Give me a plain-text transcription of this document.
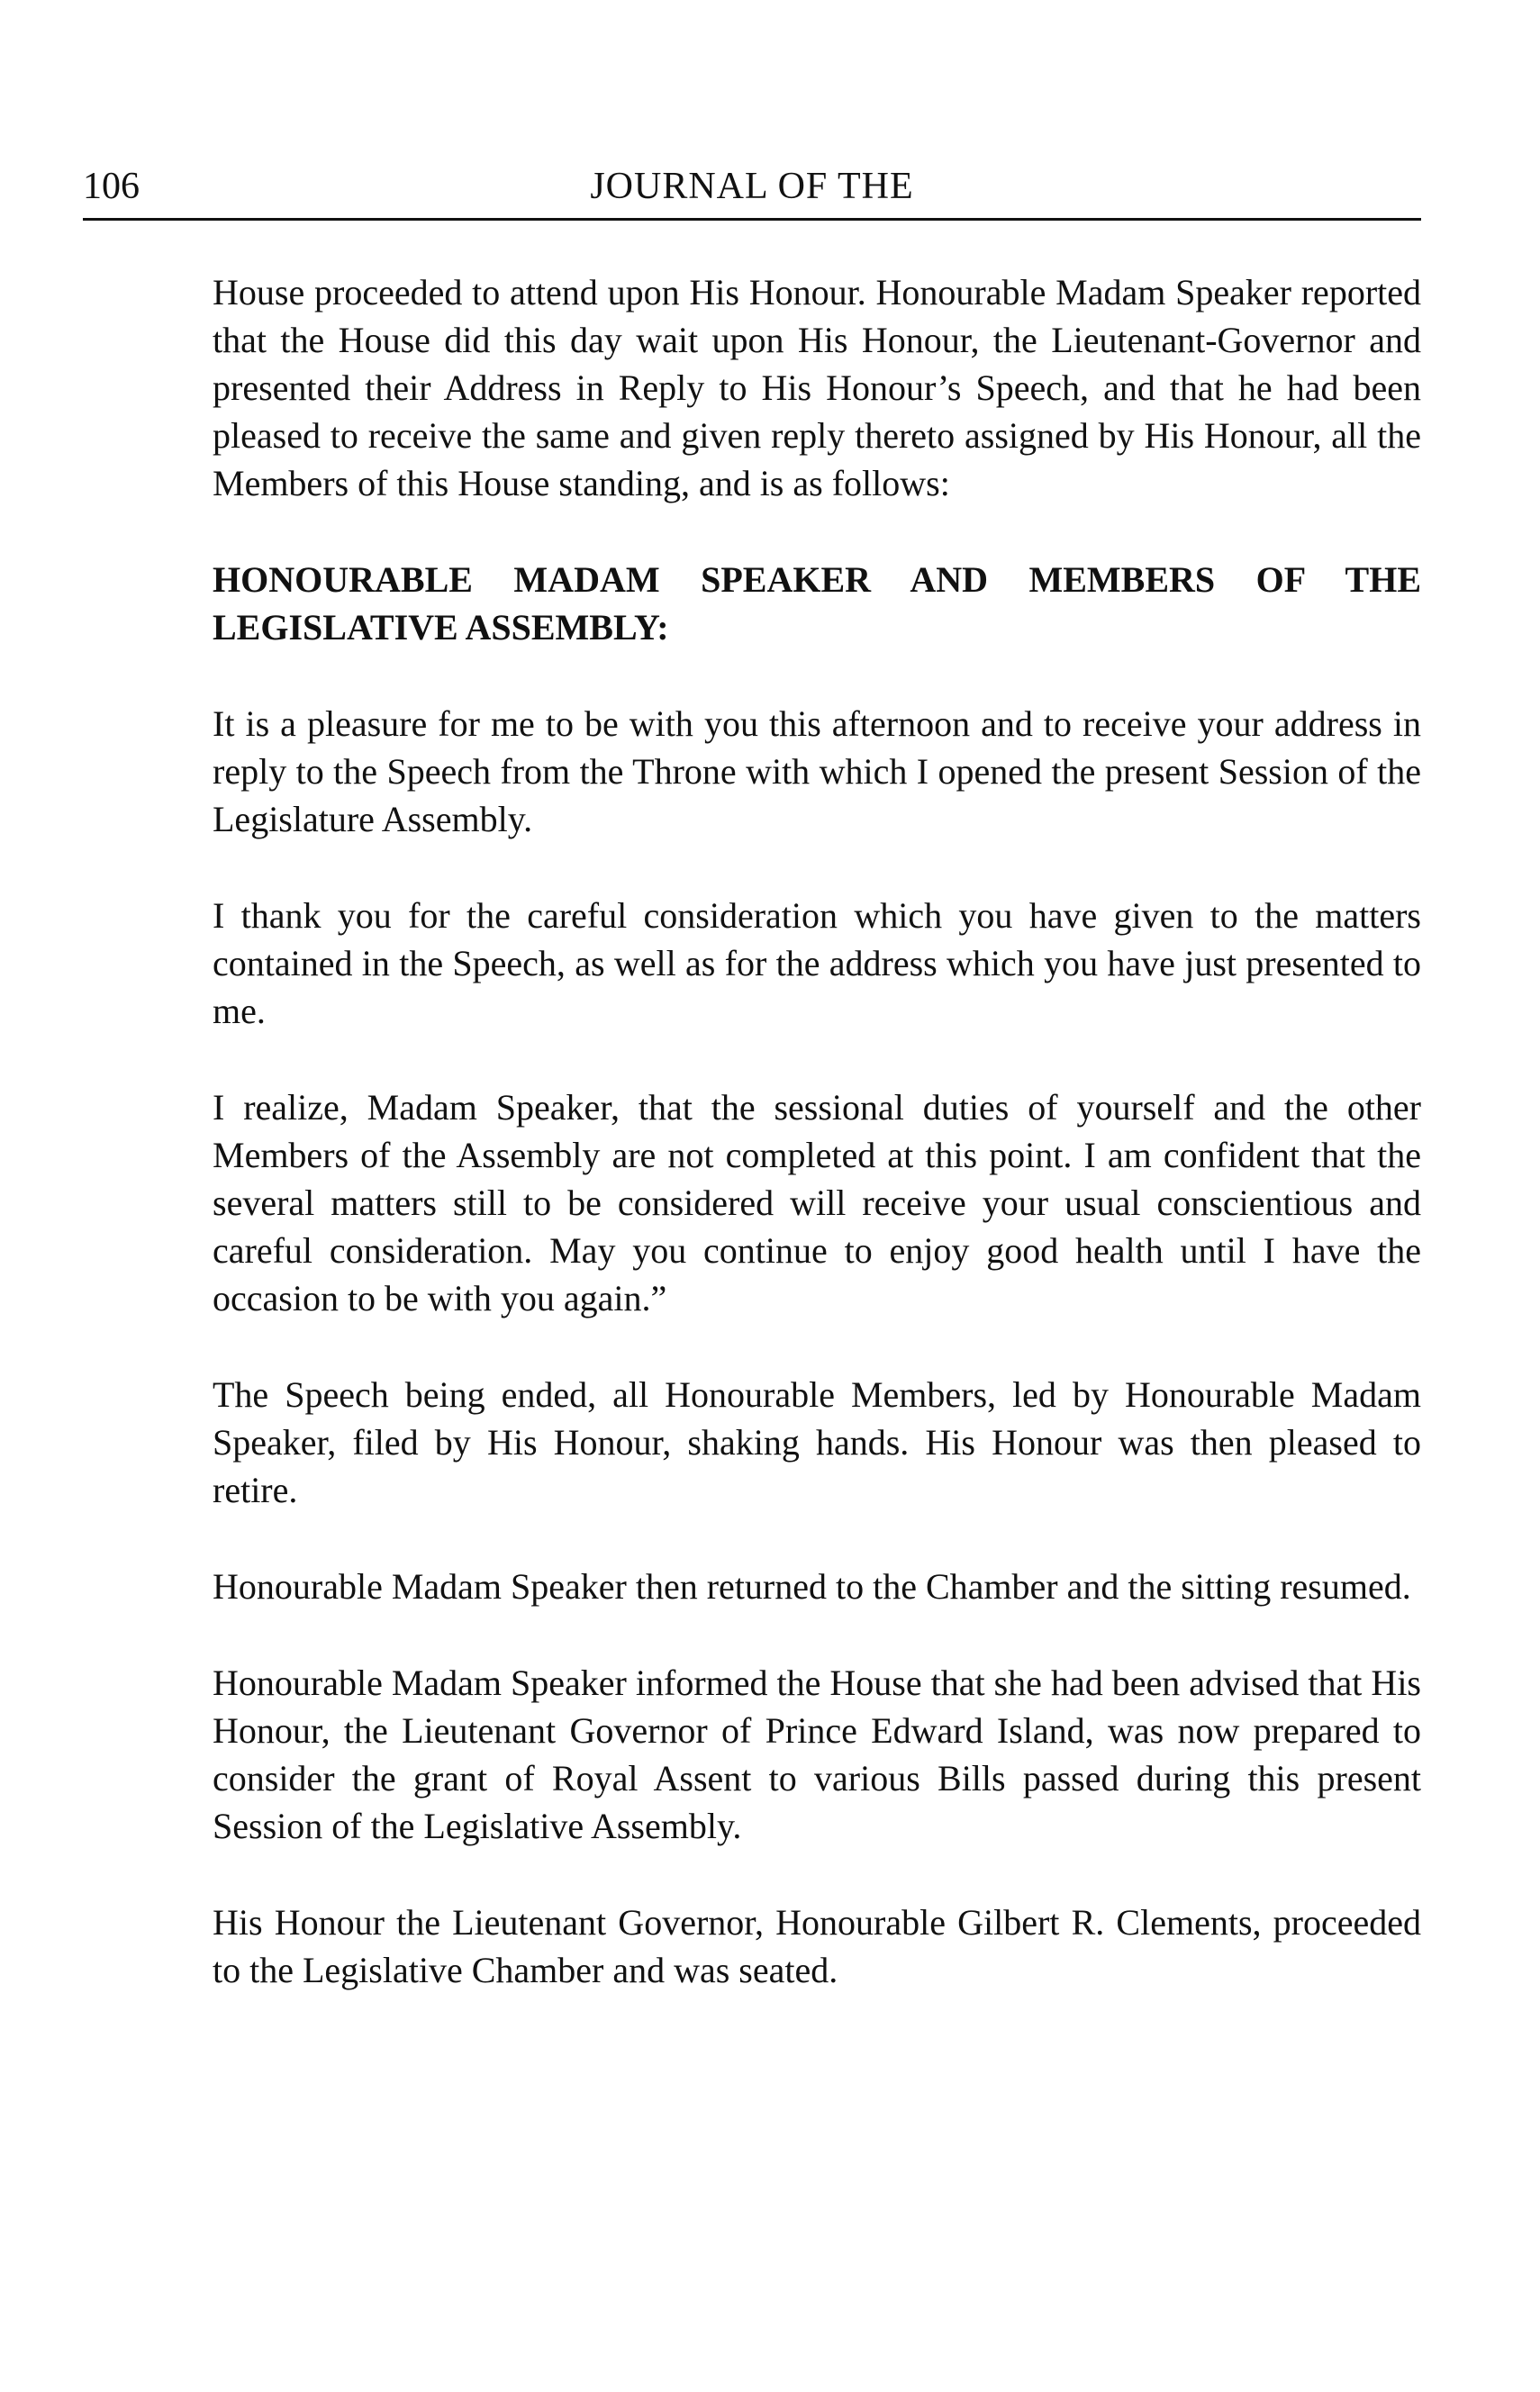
106	JOURNAL OF THE

House proceeded to attend upon His Honour. Honourable Madam Speaker reported that the House did this day wait upon His Honour, the Lieutenant-Governor and presented their Address in Reply to His Honour’s Speech, and that he had been pleased to receive the same and given reply thereto assigned by His Honour, all the Members of this House standing, and is as follows:

HONOURABLE MADAM SPEAKER AND MEMBERS OF THE LEGISLATIVE ASSEMBLY:

It is a pleasure for me to be with you this afternoon and to receive your address in reply to the Speech from the Throne with which I opened the present Session of the Legislature Assembly.

I thank you for the careful consideration which you have given to the matters contained in the Speech, as well as for the address which you have just presented to me.

I realize, Madam Speaker, that the sessional duties of yourself and the other Members of the Assembly are not completed at this point. I am confident that the several matters still to be considered will receive your usual conscientious and careful consideration. May you continue to enjoy good health until I have the occasion to be with you again.”

The Speech being ended, all Honourable Members, led by Honourable Madam Speaker, filed by His Honour, shaking hands. His Honour was then pleased to retire.

Honourable Madam Speaker then returned to the Chamber and the sitting resumed.

Honourable Madam Speaker informed the House that she had been advised that His Honour, the Lieutenant Governor of Prince Edward Island, was now prepared to consider the grant of Royal Assent to various Bills passed during this present Session of the Legislative Assembly.

His Honour the Lieutenant Governor, Honourable Gilbert R. Clements, proceeded to the Legislative Chamber and was seated.
